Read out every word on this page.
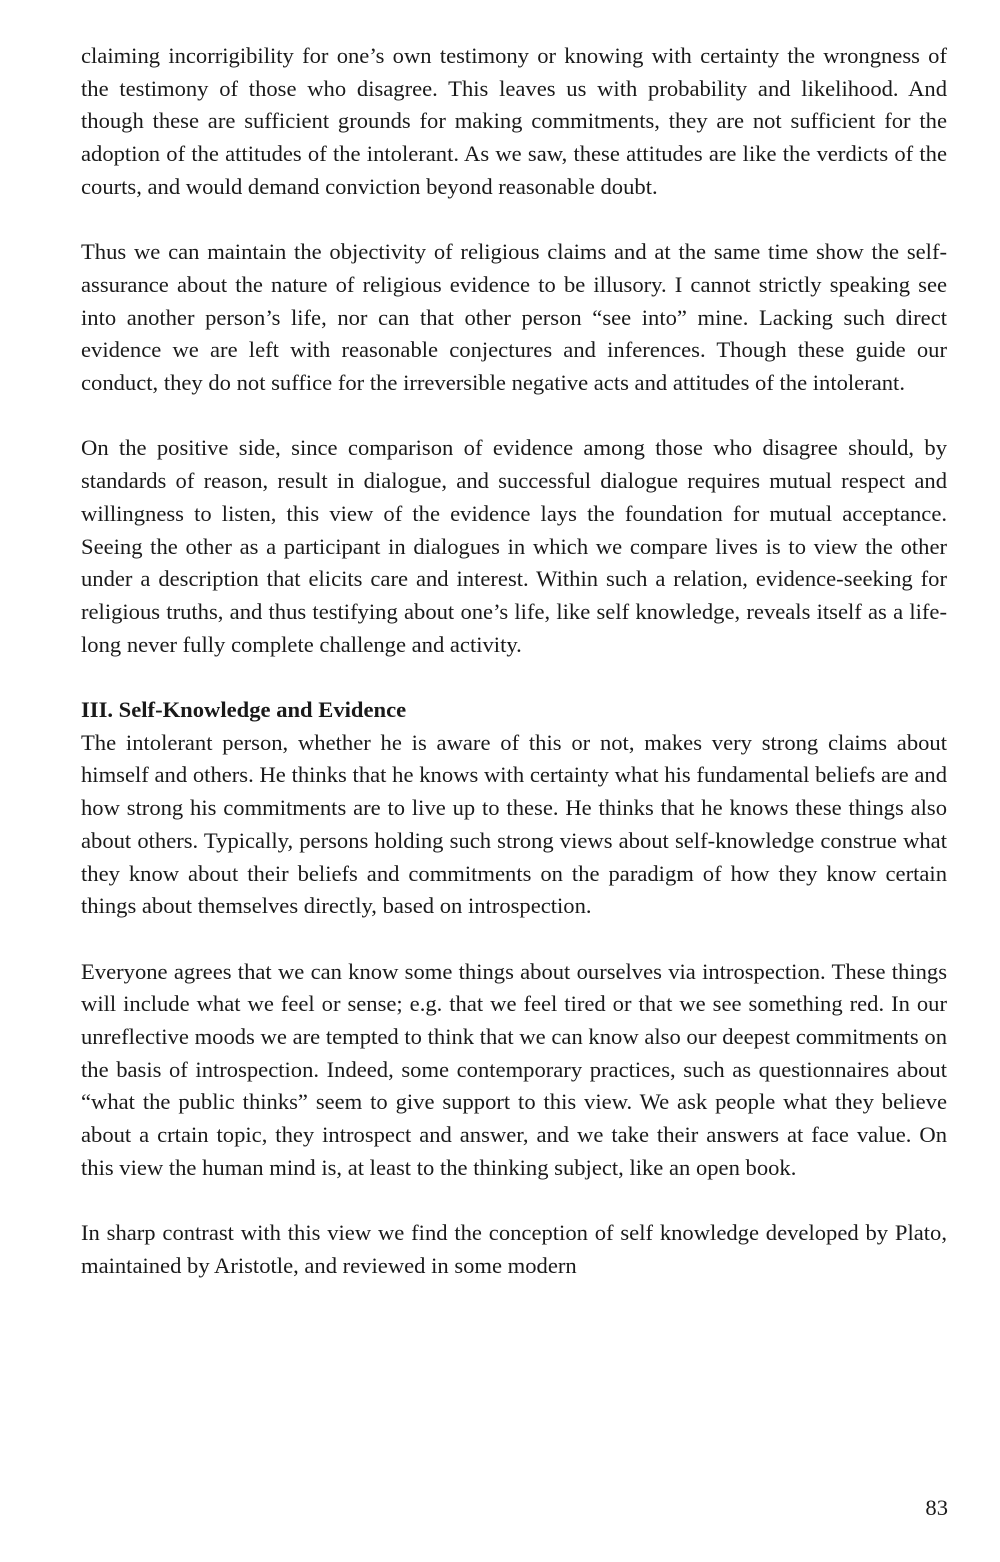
claiming incorrigibility for one’s own testimony or knowing with certainty the wrongness of the testimony of those who disagree. This leaves us with probability and likelihood. And though these are sufficient grounds for making commitments, they are not sufficient for the adoption of the attitudes of the intolerant. As we saw, these attitudes are like the verdicts of the courts, and would demand conviction beyond reasonable doubt.

Thus we can maintain the objectivity of religious claims and at the same time show the self-assurance about the nature of religious evidence to be illusory. I cannot strictly speaking see into another person’s life, nor can that other person “see into” mine. Lacking such direct evidence we are left with reasonable conjectures and inferences. Though these guide our conduct, they do not suffice for the irreversible negative acts and attitudes of the intolerant.

On the positive side, since comparison of evidence among those who disagree should, by standards of reason, result in dialogue, and successful dialogue requires mutual respect and willingness to listen, this view of the evidence lays the foundation for mutual acceptance. Seeing the other as a participant in dialogues in which we compare lives is to view the other under a description that elicits care and interest. Within such a relation, evidence-seeking for religious truths, and thus testifying about one’s life, like self knowledge, reveals itself as a life-long never fully complete challenge and activity.

III. Self-Knowledge and Evidence

The intolerant person, whether he is aware of this or not, makes very strong claims about himself and others. He thinks that he knows with certainty what his fundamental beliefs are and how strong his commitments are to live up to these. He thinks that he knows these things also about others. Typically, persons holding such strong views about self-knowledge construe what they know about their beliefs and commitments on the paradigm of how they know certain things about themselves directly, based on introspection.

Everyone agrees that we can know some things about ourselves via introspection. These things will include what we feel or sense; e.g. that we feel tired or that we see something red. In our unreflective moods we are tempted to think that we can know also our deepest commitments on the basis of introspection. Indeed, some contemporary practices, such as questionnaires about “what the public thinks” seem to give support to this view. We ask people what they believe about a crtain topic, they introspect and answer, and we take their answers at face value. On this view the human mind is, at least to the thinking subject, like an open book.

In sharp contrast with this view we find the conception of self knowledge developed by Plato, maintained by Aristotle, and reviewed in some modern

83
